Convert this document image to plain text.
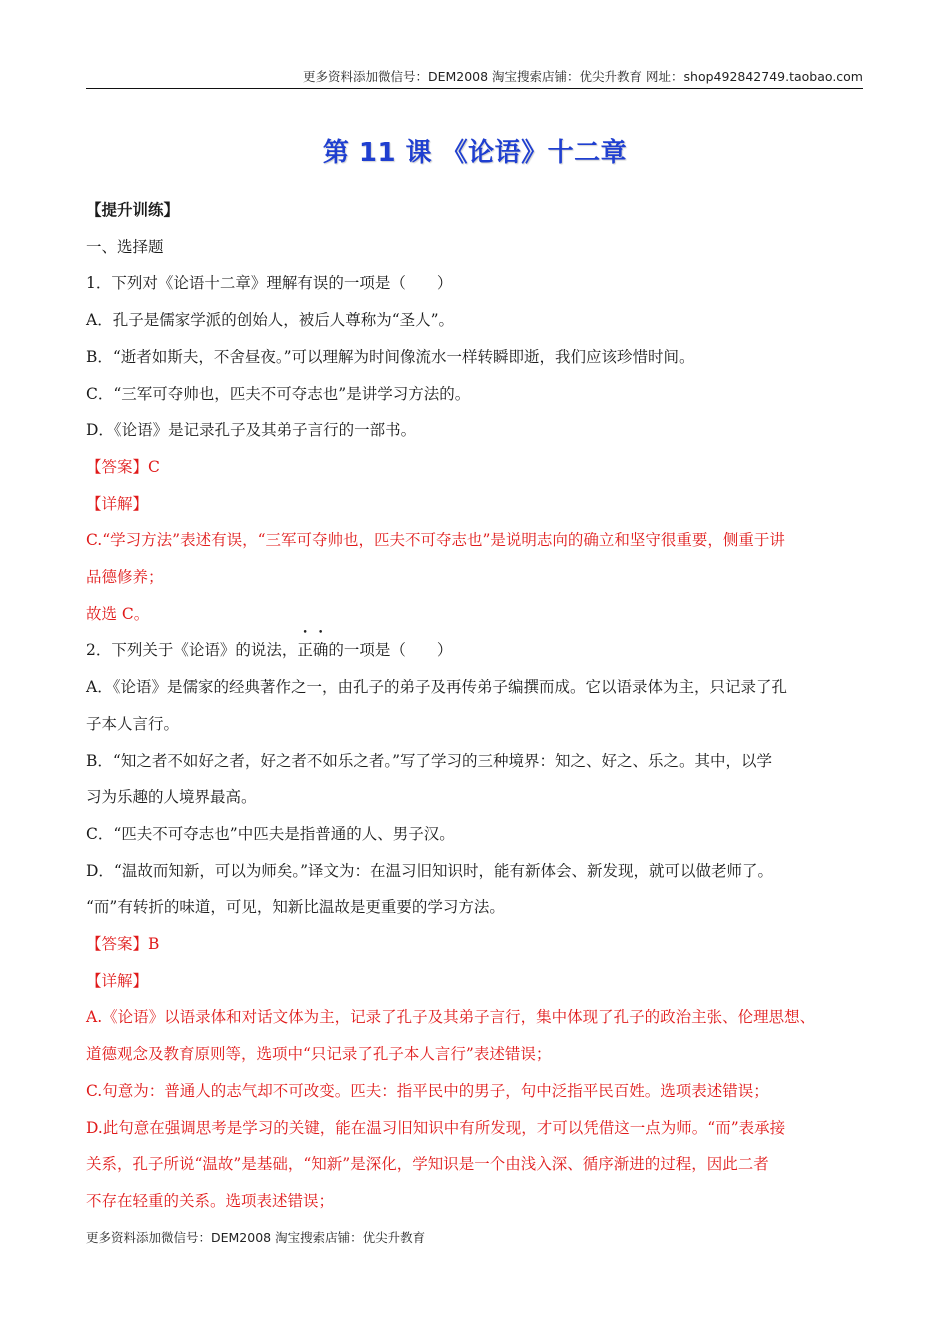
更多资料添加微信号：DEM2008 淘宝搜索店铺：优尖升教育 网址：shop492842749.taobao.com
第 11 课 《论语》十二章
【提升训练】
一、选择题
1．下列对《论语十二章》理解有误的一项是（　　）
A．孔子是儒家学派的创始人，被后人尊称为“圣人”。
B．“逝者如斯夫，不舍昼夜。”可以理解为时间像流水一样转瞬即逝，我们应该珍惜时间。
C．“三军可夺帅也，匹夫不可夺志也”是讲学习方法的。
D．《论语》是记录孔子及其弟子言行的一部书。
【答案】C
【详解】
C.“学习方法”表述有误，“三军可夺帅也，匹夫不可夺志也”是说明志向的确立和坚守很重要，侧重于讲
品德修养；
故选 C。
2．下列关于《论语》的说法，正确的一项是（　　）
A．《论语》是儒家的经典著作之一，由孔子的弟子及再传弟子编撰而成。它以语录体为主，只记录了孔
子本人言行。
B．“知之者不如好之者，好之者不如乐之者。”写了学习的三种境界：知之、好之、乐之。其中，以学
习为乐趣的人境界最高。
C．“匹夫不可夺志也”中匹夫是指普通的人、男子汉。
D．“温故而知新，可以为师矣。”译文为：在温习旧知识时，能有新体会、新发现，就可以做老师了。
“而”有转折的味道，可见，知新比温故是更重要的学习方法。
【答案】B
【详解】
A.《论语》以语录体和对话文体为主，记录了孔子及其弟子言行，集中体现了孔子的政治主张、伦理思想、
道德观念及教育原则等，选项中“只记录了孔子本人言行”表述错误；
C.句意为：普通人的志气却不可改变。匹夫：指平民中的男子，句中泛指平民百姓。选项表述错误；
D.此句意在强调思考是学习的关键，能在温习旧知识中有所发现，才可以凭借这一点为师。“而”表承接
关系，孔子所说“温故”是基础，“知新”是深化，学知识是一个由浅入深、循序渐进的过程，因此二者
不存在轻重的关系。选项表述错误；
更多资料添加微信号：DEM2008 淘宝搜索店铺：优尖升教育
